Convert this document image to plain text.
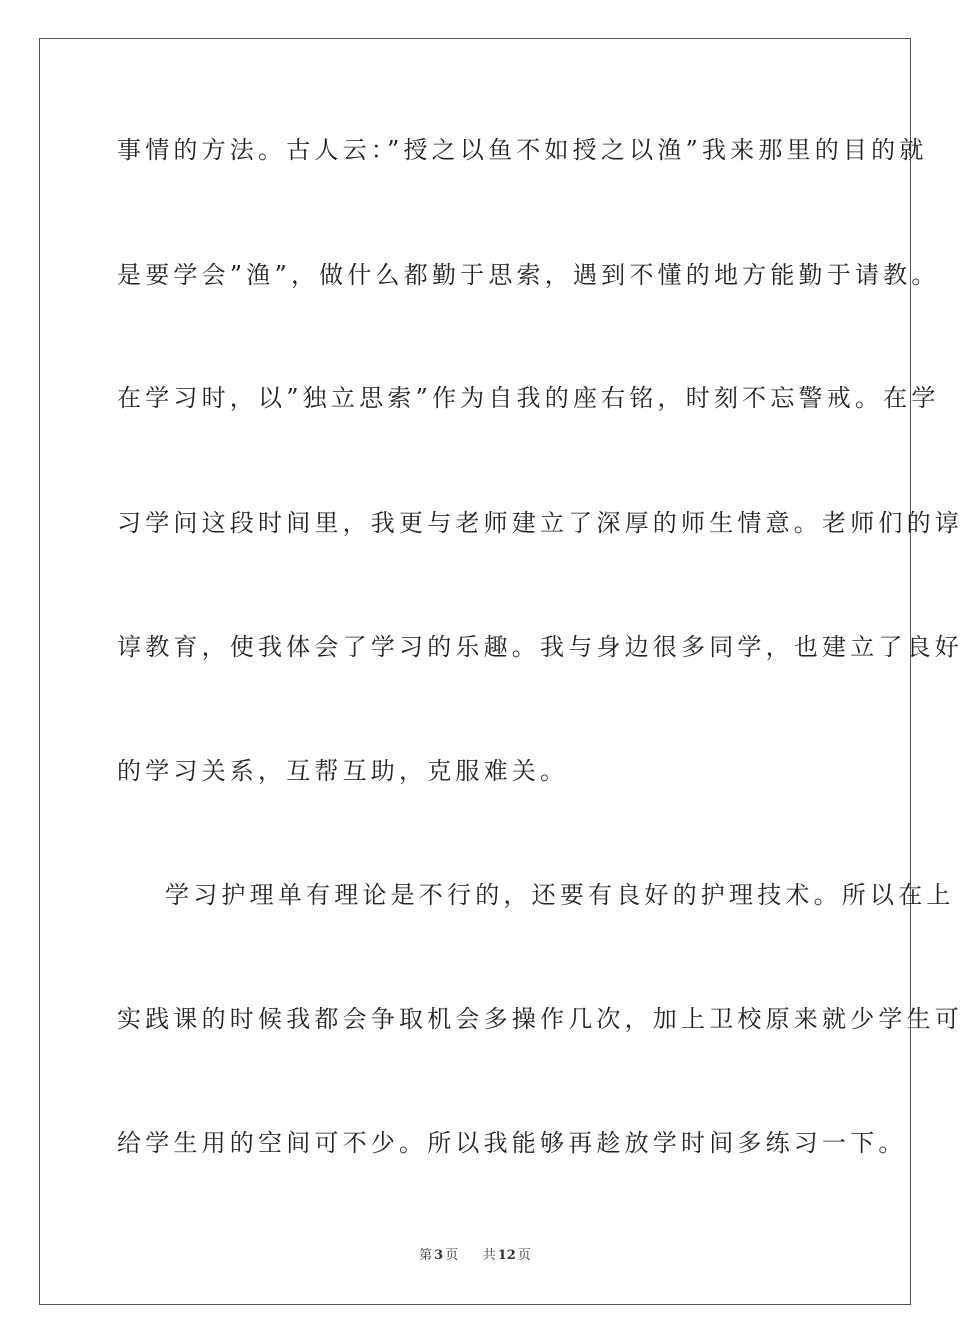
事情的方法。古人云：”授之以鱼不如授之以渔”我来那里的目的就
是要学会”渔”，做什么都勤于思索，遇到不懂的地方能勤于请教。
在学习时，以”独立思索”作为自我的座右铭，时刻不忘警戒。在学
习学问这段时间里，我更与老师建立了深厚的师生情意。老师们的谆
谆教育，使我体会了学习的乐趣。我与身边很多同学，也建立了良好
的学习关系，互帮互助，克服难关。
学习护理单有理论是不行的，还要有良好的护理技术。所以在上
实践课的时候我都会争取机会多操作几次，加上卫校原来就少学生可
给学生用的空间可不少。所以我能够再趁放学时间多练习一下。
第 3 页 共 12 页
